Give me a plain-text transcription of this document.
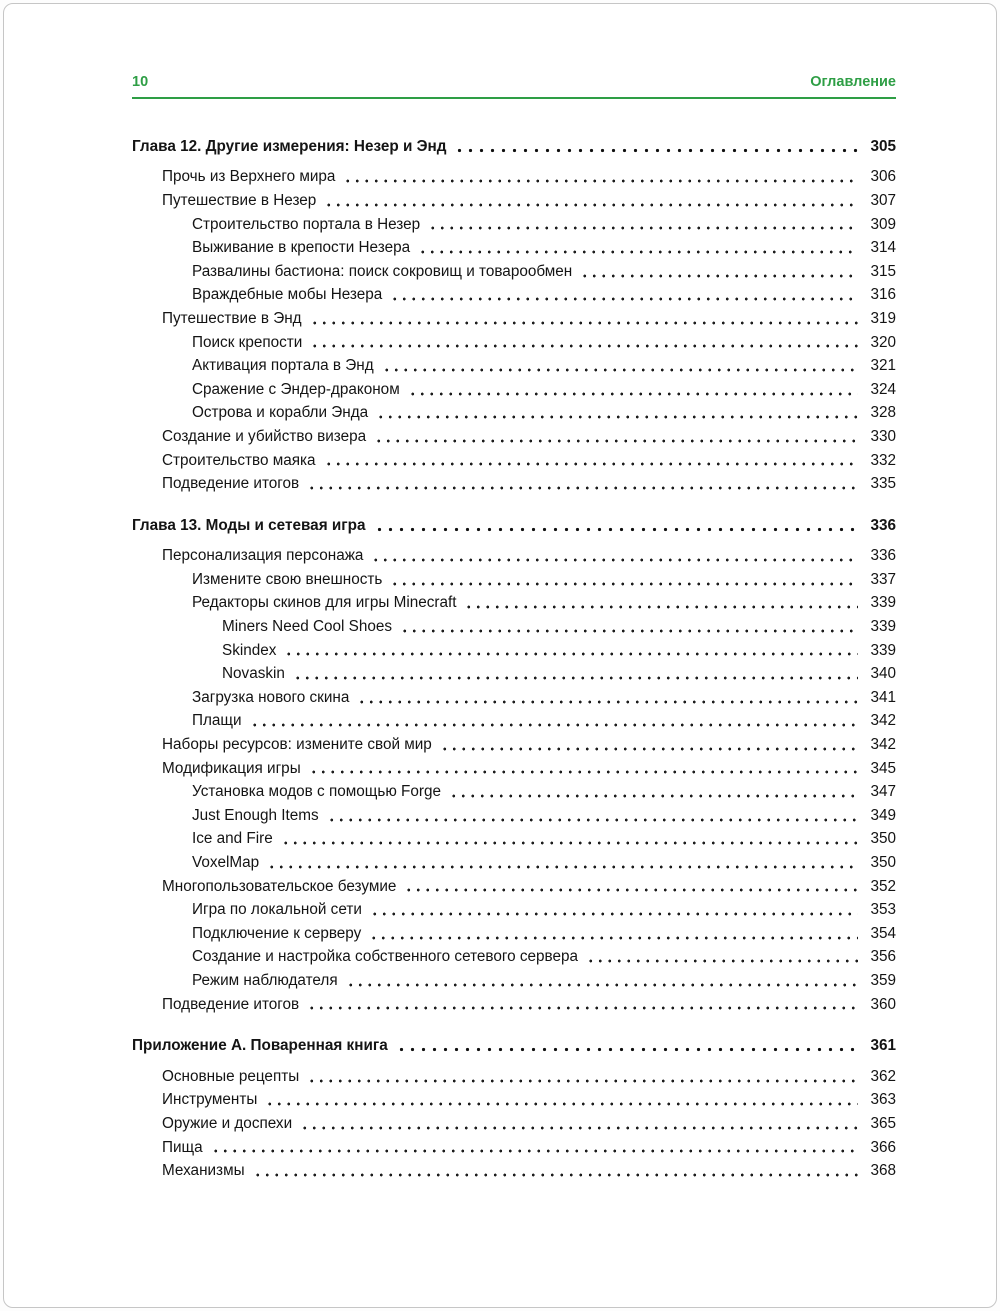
10	Оглавление
Глава 12. Другие измерения: Незер и Энд	305
Прочь из Верхнего мира	306
Путешествие в Незер	307
Строительство портала в Незер	309
Выживание в крепости Незера	314
Развалины бастиона: поиск сокровищ и товарообмен	315
Враждебные мобы Незера	316
Путешествие в Энд	319
Поиск крепости	320
Активация портала в Энд	321
Сражение с Эндер-драконом	324
Острова и корабли Энда	328
Создание и убийство визера	330
Строительство маяка	332
Подведение итогов	335
Глава 13. Моды и сетевая игра	336
Персонализация персонажа	336
Измените свою внешность	337
Редакторы скинов для игры Minecraft	339
Miners Need Cool Shoes	339
Skindex	339
Novaskin	340
Загрузка нового скина	341
Плащи	342
Наборы ресурсов: измените свой мир	342
Модификация игры	345
Установка модов с помощью Forge	347
Just Enough Items	349
Ice and Fire	350
VoxelMap	350
Многопользовательское безумие	352
Игра по локальной сети	353
Подключение к серверу	354
Создание и настройка собственного сетевого сервера	356
Режим наблюдателя	359
Подведение итогов	360
Приложение А. Поваренная книга	361
Основные рецепты	362
Инструменты	363
Оружие и доспехи	365
Пища	366
Механизмы	368
